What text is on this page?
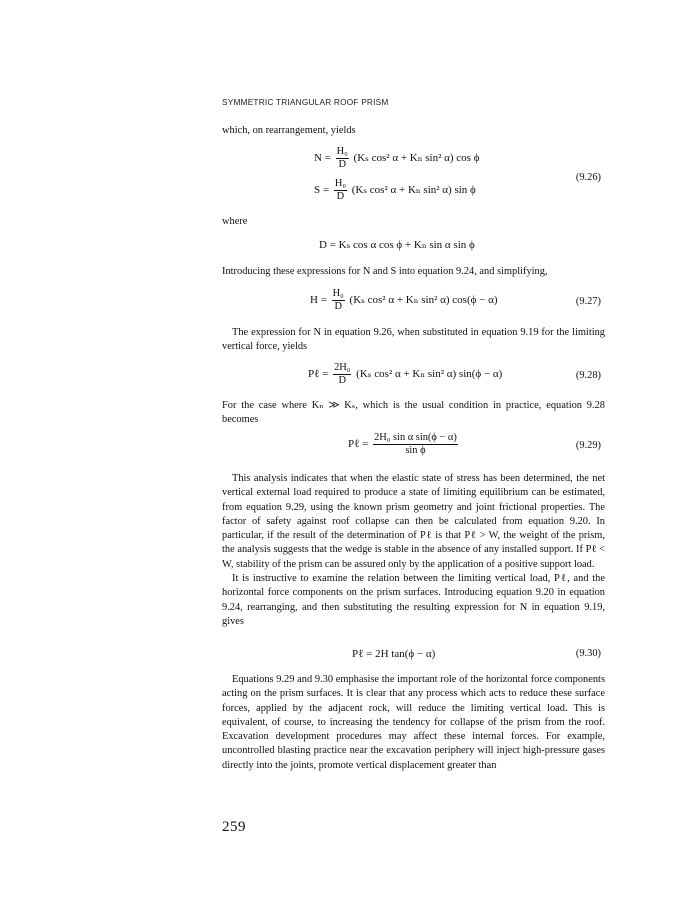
SYMMETRIC TRIANGULAR ROOF PRISM

which, on rearrangement, yields

$N = \frac{\text{H₀}}{D} (K_s$ cos² α + Kₙ sin² α) cos ϕ
$S = \frac{\text{H₀}}{D} (K_s$ cos² α + Kₙ sin² α) sin ϕ
(9.26)

where

D = Kₛ cos α cos ϕ + Kₙ sin α sin ϕ

Introducing these expressions for N and S into equation 9.24, and simplifying,

$H = \frac{\text{H₀}}{D} (K_s$ cos² α + Kₙ sin² α) cos(ϕ − α)	(9.27)

The expression for N in equation 9.26, when substituted in equation 9.19 for the limiting vertical force, yields

Pℓ = $\frac{\text{2H₀}}{D} (K_s$ cos² α + Kₙ sin² α) sin(ϕ − α)	(9.28)

For the case where Kₙ ≫ Kₛ, which is the usual condition in practice, equation 9.28 becomes

Pℓ = $\frac{\text{2H₀ sin α sin(ϕ − α)}}{\text{sin ϕ}}$	(9.29)

This analysis indicates that when the elastic state of stress has been determined, the net vertical external load required to produce a state of limiting equilibrium can be estimated, from equation 9.29, using the known prism geometry and joint frictional properties. The factor of safety against roof collapse can then be calculated from equation 9.20. In particular, if the result of the determination of Pℓ is that Pℓ > W, the weight of the prism, the analysis suggests that the wedge is stable in the absence of any installed support. If Pℓ < W, stability of the prism can be assured only by the application of a positive support load.

It is instructive to examine the relation between the limiting vertical load, Pℓ, and the horizontal force components on the prism surfaces. Introducing equation 9.20 in equation 9.24, rearranging, and then substituting the resulting expression for N in equation 9.19, gives

Pℓ = 2H tan(ϕ − α)	(9.30)

Equations 9.29 and 9.30 emphasise the important role of the horizontal force components acting on the prism surfaces. It is clear that any process which acts to reduce these surface forces, applied by the adjacent rock, will reduce the limiting vertical load. This is equivalent, of course, to increasing the tendency for collapse of the prism from the roof. Excavation development procedures may affect these internal forces. For example, uncontrolled blasting practice near the excavation periphery will inject high-pressure gases directly into the joints, promote vertical displacement greater than

259
